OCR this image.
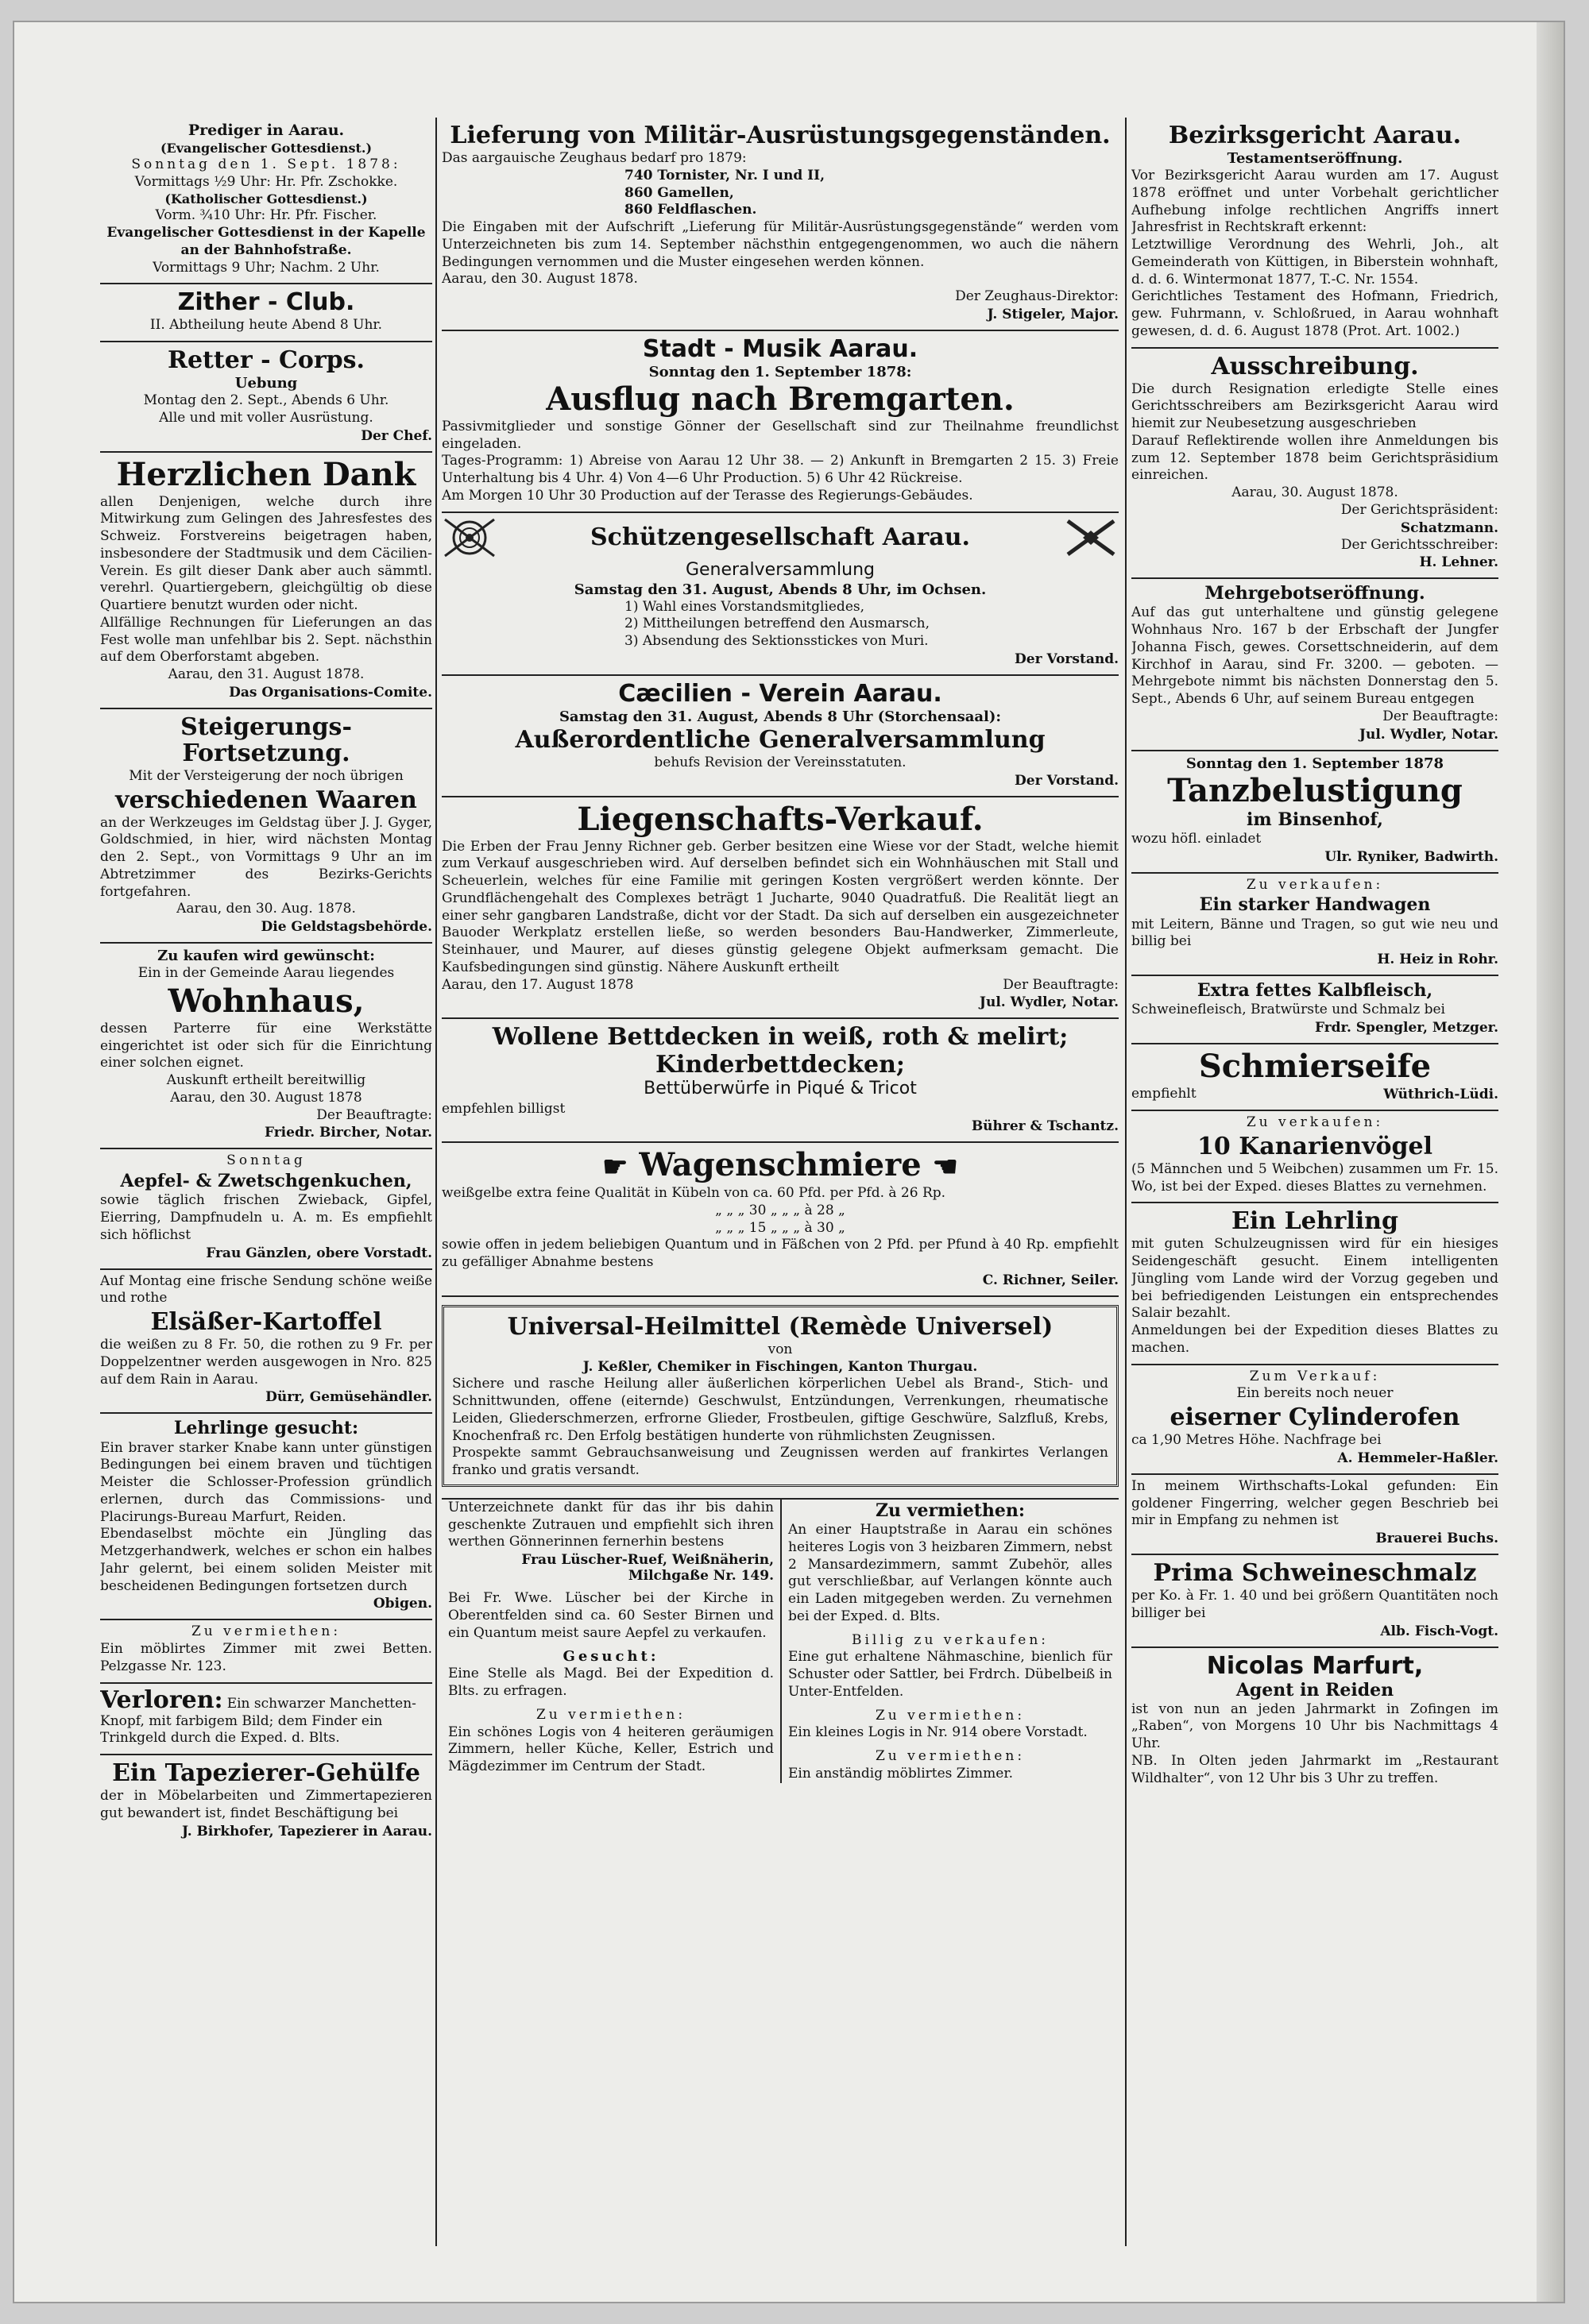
Prediger in Aarau.
(Evangelischer Gottesdienst.)

Sonntag den 1. Sept. 1878:

Vormittags ½9 Uhr: Hr. Pfr. Zschokke.

(Katholischer Gottesdienst.)

Vorm. ¾10 Uhr: Hr. Pfr. Fischer.

Evangelischer Gottesdienst in der Kapelle an der Bahnhofstraße.

Vormittags 9 Uhr; Nachm. 2 Uhr.

Zither - Club.

II. Abtheilung heute Abend 8 Uhr.

Retter - Corps.
Uebung

Montag den 2. Sept., Abends 6 Uhr.

Alle und mit voller Ausrüstung.

Der Chef.

Herzlichen Dank

allen Denjenigen, welche durch ihre Mitwirkung zum Gelingen des Jahresfestes des Schweiz. Forstvereins beigetragen haben, insbesondere der Stadtmusik und dem Cäcilien-Verein. Es gilt dieser Dank aber auch sämmtl. verehrl. Quartiergebern, gleichgültig ob diese Quartiere benutzt wurden oder nicht.

Allfällige Rechnungen für Lieferungen an das Fest wolle man unfehlbar bis 2. Sept. nächsthin auf dem Oberforstamt abgeben.

Aarau, den 31. August 1878.

Das Organisations-Comite.

Steigerungs-Fortsetzung.

Mit der Versteigerung der noch übrigen

verschiedenen Waaren

an der Werkzeuges im Geldstag über J. J. Gyger, Goldschmied, in hier, wird nächsten Montag den 2. Sept., von Vormittags 9 Uhr an im Abtretzimmer des Bezirks-Gerichts fortgefahren.

Aarau, den 30. Aug. 1878.

Die Geldstagsbehörde.

Zu kaufen wird gewünscht:

Ein in der Gemeinde Aarau liegendes

Wohnhaus,

dessen Parterre für eine Werkstätte eingerichtet ist oder sich für die Einrichtung einer solchen eignet.

Auskunft ertheilt bereitwillig

Aarau, den 30. August 1878

Der Beauftragte:

Friedr. Bircher, Notar.

Sonntag

Aepfel- & Zwetschgenkuchen,

sowie täglich frischen Zwieback, Gipfel, Eierring, Dampfnudeln u. A. m. Es empfiehlt sich höflichst

Frau Gänzlen, obere Vorstadt.

Auf Montag eine frische Sendung schöne weiße und rothe

Elsäßer-Kartoffel

die weißen zu 8 Fr. 50, die rothen zu 9 Fr. per Doppelzentner werden ausgewogen in Nro. 825 auf dem Rain in Aarau.

Dürr, Gemüsehändler.

Lehrlinge gesucht:

Ein braver starker Knabe kann unter günstigen Bedingungen bei einem braven und tüchtigen Meister die Schlosser-Profession gründlich erlernen, durch das Commissions- und Placirungs-Bureau Marfurt, Reiden.

Ebendaselbst möchte ein Jüngling das Metzgerhandwerk, welches er schon ein halbes Jahr gelernt, bei einem soliden Meister mit bescheidenen Bedingungen fortsetzen durch

Obigen.

Zu vermiethen:

Ein möblirtes Zimmer mit zwei Betten. Pelzgasse Nr. 123.

Verloren: Ein schwarzer Manchetten-Knopf, mit farbigem Bild; dem Finder ein Trinkgeld durch die Exped. d. Blts.
Ein Tapezierer-Gehülfe

der in Möbelarbeiten und Zimmertapezieren gut bewandert ist, findet Beschäftigung bei

J. Birkhofer, Tapezierer in Aarau.

Lieferung von Militär-Ausrüstungsgegenständen.

Das aargauische Zeughaus bedarf pro 1879:

740 Tornister, Nr. I und II,

860 Gamellen,

860 Feldflaschen.

Die Eingaben mit der Aufschrift „Lieferung für Militär-Ausrüstungsgegenstände“ werden vom Unterzeichneten bis zum 14. September nächsthin entgegengenommen, wo auch die nähern Bedingungen vernommen und die Muster eingesehen werden können.

Aarau, den 30. August 1878.

Der Zeughaus-Direktor:

J. Stigeler, Major.

Stadt - Musik Aarau.
Sonntag den 1. September 1878:
Ausflug nach Bremgarten.

Passivmitglieder und sonstige Gönner der Gesellschaft sind zur Theilnahme freundlichst eingeladen.

Tages-Programm: 1) Abreise von Aarau 12 Uhr 38. — 2) Ankunft in Bremgarten 2 15. 3) Freie Unterhaltung bis 4 Uhr. 4) Von 4—6 Uhr Production. 5) 6 Uhr 42 Rückreise.

Am Morgen 10 Uhr 30 Production auf der Terasse des Regierungs-Gebäudes.

Schützengesellschaft Aarau.
Generalversammlung
Samstag den 31. August, Abends 8 Uhr, im Ochsen.

1) Wahl eines Vorstandsmitgliedes,

2) Mittheilungen betreffend den Ausmarsch,

3) Absendung des Sektionsstickes von Muri.

Der Vorstand.

Cæcilien - Verein Aarau.
Samstag den 31. August, Abends 8 Uhr (Storchensaal):
Außerordentliche Generalversammlung

behufs Revision der Vereinsstatuten.

Der Vorstand.

Liegenschafts-Verkauf.

Die Erben der Frau Jenny Richner geb. Gerber besitzen eine Wiese vor der Stadt, welche hiemit zum Verkauf ausgeschrieben wird. Auf derselben befindet sich ein Wohnhäuschen mit Stall und Scheuerlein, welches für eine Familie mit geringen Kosten vergrößert werden könnte. Der Grundflächengehalt des Complexes beträgt 1 Jucharte, 9040 Quadratfuß. Die Realität liegt an einer sehr gangbaren Landstraße, dicht vor der Stadt. Da sich auf derselben ein ausgezeichneter Bauoder Werkplatz erstellen ließe, so werden besonders Bau-Handwerker, Zimmerleute, Steinhauer, und Maurer, auf dieses günstig gelegene Objekt aufmerksam gemacht. Die Kaufsbedingungen sind günstig. Nähere Auskunft ertheilt

Aarau, den 17. August 1878	Der Beauftragte:

Jul. Wydler, Notar.

Wollene Bettdecken in weiß, roth & melirt;
Kinderbettdecken;
Bettüberwürfe in Piqué & Tricot

empfehlen billigst

Bührer & Tschantz.

☛ Wagenschmiere ☚

weißgelbe extra feine Qualität in Kübeln von ca. 60 Pfd. per Pfd. à 26 Rp.

„ „ „ 30 „ „ „ à 28 „

„ „ „ 15 „ „ „ à 30 „

sowie offen in jedem beliebigen Quantum und in Fäßchen von 2 Pfd. per Pfund à 40 Rp. empfiehlt zu gefälliger Abnahme bestens

C. Richner, Seiler.

Universal-Heilmittel (Remède Universel)

von

J. Keßler, Chemiker in Fischingen, Kanton Thurgau.

Sichere und rasche Heilung aller äußerlichen körperlichen Uebel als Brand-, Stich- und Schnittwunden, offene (eiternde) Geschwulst, Entzündungen, Verrenkungen, rheumatische Leiden, Gliederschmerzen, erfrorne Glieder, Frostbeulen, giftige Geschwüre, Salzfluß, Krebs, Knochenfraß rc. Den Erfolg bestätigen hunderte von rühmlichsten Zeugnissen.

Prospekte sammt Gebrauchsanweisung und Zeugnissen werden auf frankirtes Verlangen franko und gratis versandt.

Unterzeichnete dankt für das ihr bis dahin geschenkte Zutrauen und empfiehlt sich ihren werthen Gönnerinnen fernerhin bestens

Frau Lüscher-Ruef, Weißnäherin, Milchgaße Nr. 149.

Bei Fr. Wwe. Lüscher bei der Kirche in Oberentfelden sind ca. 60 Sester Birnen und ein Quantum meist saure Aepfel zu verkaufen.

Gesucht:

Eine Stelle als Magd. Bei der Expedition d. Blts. zu erfragen.

Zu vermiethen:

Ein schönes Logis von 4 heiteren geräumigen Zimmern, heller Küche, Keller, Estrich und Mägdezimmer im Centrum der Stadt.

Zu vermiethen:

An einer Hauptstraße in Aarau ein schönes heiteres Logis von 3 heizbaren Zimmern, nebst 2 Mansardezimmern, sammt Zubehör, alles gut verschließbar, auf Verlangen könnte auch ein Laden mitgegeben werden. Zu vernehmen bei der Exped. d. Blts.

Billig zu verkaufen:

Eine gut erhaltene Nähmaschine, bienlich für Schuster oder Sattler, bei Frdrch. Dübelbeiß in Unter-Entfelden.

Zu vermiethen:

Ein kleines Logis in Nr. 914 obere Vorstadt.

Zu vermiethen:

Ein anständig möblirtes Zimmer.

Bezirksgericht Aarau.
Testamentseröffnung.

Vor Bezirksgericht Aarau wurden am 17. August 1878 eröffnet und unter Vorbehalt gerichtlicher Aufhebung infolge rechtlichen Angriffs innert Jahresfrist in Rechtskraft erkennt:

Letztwillige Verordnung des Wehrli, Joh., alt Gemeinderath von Küttigen, in Biberstein wohnhaft, d. d. 6. Wintermonat 1877, T.-C. Nr. 1554.

Gerichtliches Testament des Hofmann, Friedrich, gew. Fuhrmann, v. Schloßrued, in Aarau wohnhaft gewesen, d. d. 6. August 1878 (Prot. Art. 1002.)

Ausschreibung.

Die durch Resignation erledigte Stelle eines Gerichtsschreibers am Bezirksgericht Aarau wird hiemit zur Neubesetzung ausgeschrieben

Darauf Reflektirende wollen ihre Anmeldungen bis zum 12. September 1878 beim Gerichtspräsidium einreichen.

Aarau, 30. August 1878.

Der Gerichtspräsident:

Schatzmann.

Der Gerichtsschreiber:

H. Lehner.

Mehrgebotseröffnung.

Auf das gut unterhaltene und günstig gelegene Wohnhaus Nro. 167 b der Erbschaft der Jungfer Johanna Fisch, gewes. Corsettschneiderin, auf dem Kirchhof in Aarau, sind Fr. 3200. — geboten. — Mehrgebote nimmt bis nächsten Donnerstag den 5. Sept., Abends 6 Uhr, auf seinem Bureau entgegen

Der Beauftragte:

Jul. Wydler, Notar.

Sonntag den 1. September 1878
Tanzbelustigung
im Binsenhof,

wozu höfl. einladet

Ulr. Ryniker, Badwirth.

Zu verkaufen:

Ein starker Handwagen

mit Leitern, Bänne und Tragen, so gut wie neu und billig bei

H. Heiz in Rohr.

Extra fettes Kalbfleisch,

Schweinefleisch, Bratwürste und Schmalz bei

Frdr. Spengler, Metzger.

Schmierseife
empfiehlt	Wüthrich-Lüdi.

Zu verkaufen:

10 Kanarienvögel

(5 Männchen und 5 Weibchen) zusammen um Fr. 15. Wo, ist bei der Exped. dieses Blattes zu vernehmen.

Ein Lehrling

mit guten Schulzeugnissen wird für ein hiesiges Seidengeschäft gesucht. Einem intelligenten Jüngling vom Lande wird der Vorzug gegeben und bei befriedigenden Leistungen ein entsprechendes Salair bezahlt.

Anmeldungen bei der Expedition dieses Blattes zu machen.

Zum Verkauf:

Ein bereits noch neuer

eiserner Cylinderofen

ca 1,90 Metres Höhe. Nachfrage bei

A. Hemmeler-Haßler.

In meinem Wirthschafts-Lokal gefunden: Ein goldener Fingerring, welcher gegen Beschrieb bei mir in Empfang zu nehmen ist

Brauerei Buchs.

Prima Schweineschmalz

per Ko. à Fr. 1. 40 und bei größern Quantitäten noch billiger bei

Alb. Fisch-Vogt.

Nicolas Marfurt,
Agent in Reiden

ist von nun an jeden Jahrmarkt in Zofingen im „Raben“, von Morgens 10 Uhr bis Nachmittags 4 Uhr.

NB. In Olten jeden Jahrmarkt im „Restaurant Wildhalter“, von 12 Uhr bis 3 Uhr zu treffen.
